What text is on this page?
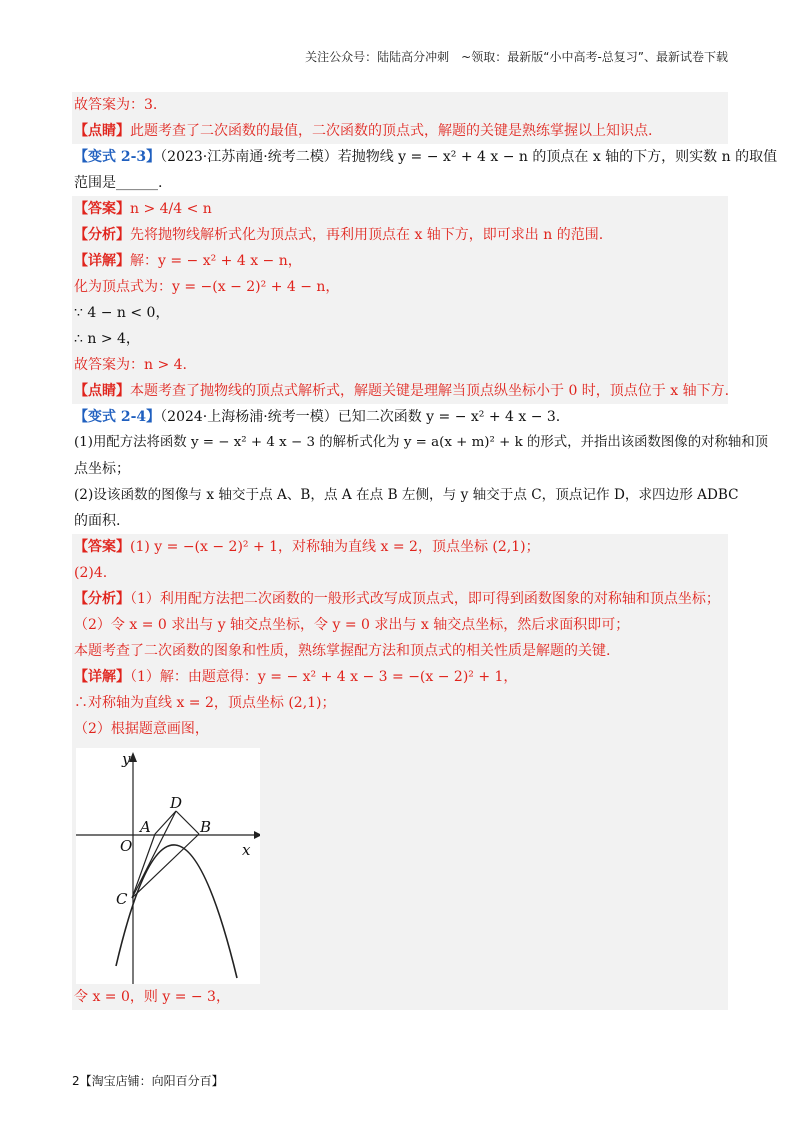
关注公众号：陆陆高分冲刺　~领取：最新版“小中高考-总复习”、最新试卷下载
故答案为：3.
【点睛】此题考查了二次函数的最值，二次函数的顶点式，解题的关键是熟练掌握以上知识点.
【变式 2-3】（2023·江苏南通·统考二模）若抛物线 y = − x² + 4 x − n 的顶点在 x 轴的下方，则实数 n 的取值
范围是______.
【答案】n > 4/4 < n
【分析】先将抛物线解析式化为顶点式，再利用顶点在 x 轴下方，即可求出 n 的范围.
【详解】解：y = − x² + 4 x − n，
化为顶点式为：y = −(x − 2)² + 4 − n，
∵ 4 − n < 0，
∴ n > 4，
故答案为：n > 4.
【点睛】本题考查了抛物线的顶点式解析式，解题关键是理解当顶点纵坐标小于 0 时，顶点位于 x 轴下方.
【变式 2-4】（2024·上海杨浦·统考一模）已知二次函数 y = − x² + 4 x − 3.
(1)用配方法将函数 y = − x² + 4 x − 3 的解析式化为 y = a(x + m)² + k 的形式，并指出该函数图像的对称轴和顶
点坐标；
(2)设该函数的图像与 x 轴交于点 A、B，点 A 在点 B 左侧，与 y 轴交于点 C，顶点记作 D，求四边形 ADBC
的面积.
【答案】(1) y = −(x − 2)² + 1，对称轴为直线 x = 2，顶点坐标 (2,1)；
(2)4.
【分析】（1）利用配方法把二次函数的一般形式改写成顶点式，即可得到函数图象的对称轴和顶点坐标；
（2）令 x = 0 求出与 y 轴交点坐标，令 y = 0 求出与 x 轴交点坐标，然后求面积即可；
本题考查了二次函数的图象和性质，熟练掌握配方法和顶点式的相关性质是解题的关键.
【详解】（1）解：由题意得：y = − x² + 4 x − 3 = −(x − 2)² + 1，
∴对称轴为直线 x = 2，顶点坐标 (2,1)；
（2）根据题意画图，
y
x
O
A	B
C
D
令 x = 0，则 y = − 3，
2【淘宝店铺：向阳百分百】
